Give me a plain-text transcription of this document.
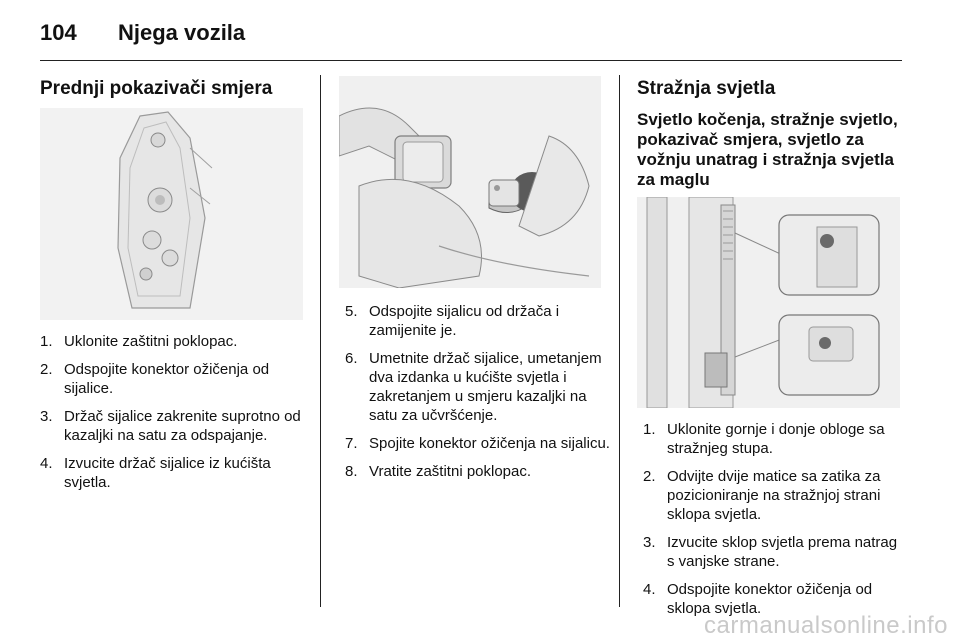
104 Njega vozila
Prednji pokazivači smjera
1. Uklonite zaštitni poklopac.
2. Odspojite konektor ožičenja od sijalice.
3. Držač sijalice zakrenite suprotno od kazaljki na satu za odspajanje.
4. Izvucite držač sijalice iz kućišta svjetla.
5. Odspojite sijalicu od držača i zamijenite je.
6. Umetnite držač sijalice, umetanjem dva izdanka u kućište svjetla i zakretanjem u smjeru kazaljki na satu za učvršćenje.
7. Spojite konektor ožičenja na sijalicu.
8. Vratite zaštitni poklopac.
Stražnja svjetla
Svjetlo kočenja, stražnje svjetlo, pokazivač smjera, svjetlo za vožnju unatrag i stražnja svjetla za maglu
1. Uklonite gornje i donje obloge sa stražnjeg stupa.
2. Odvijte dvije matice sa zatika za pozicioniranje na stražnjoj strani sklopa svjetla.
3. Izvucite sklop svjetla prema natrag s vanjske strane.
4. Odspojite konektor ožičenja od sklopa svjetla.
carmanualsonline.info
